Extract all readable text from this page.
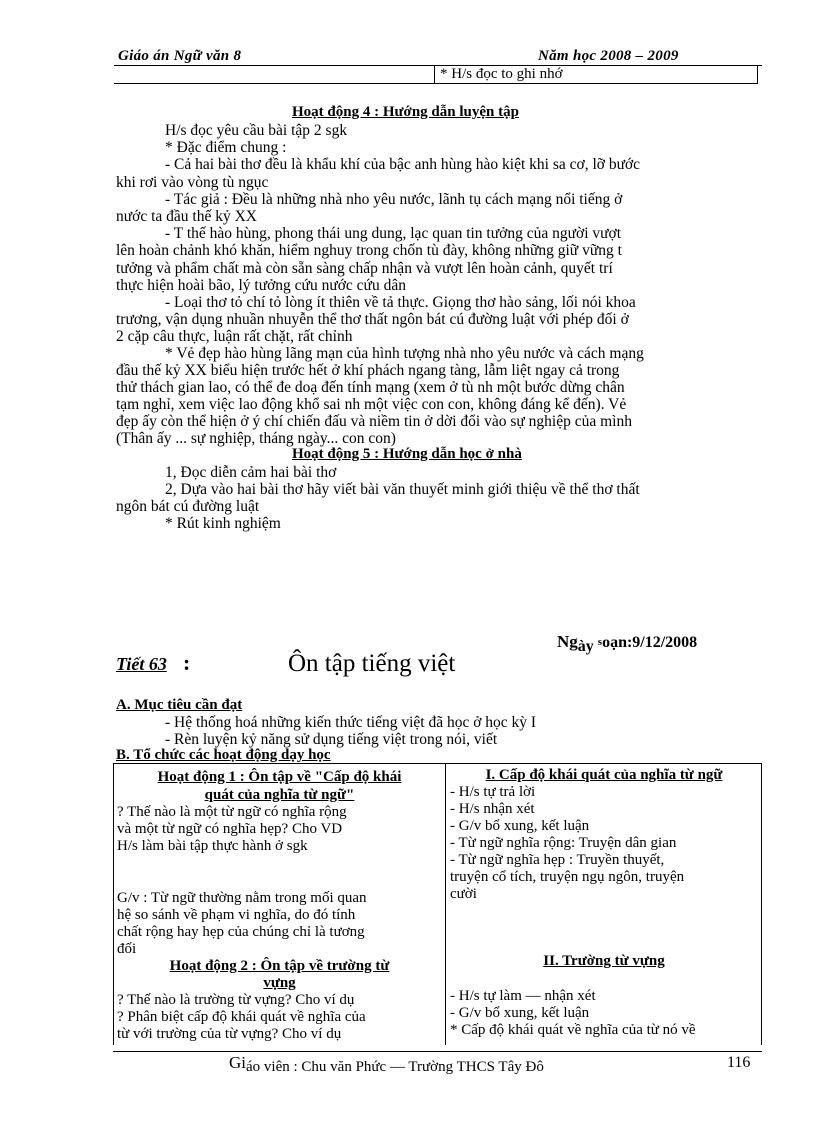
Giáo án Ngữ văn 8	Năm học 2008 – 2009
* H/s đọc to ghi nhớ
Hoạt động 4 : Hướng dẫn luyện tập
H/s đọc yêu cầu bài tập 2 sgk
* Đặc điểm chung :
- Cả hai bài thơ đều là khẩu khí của bậc anh hùng hào kiệt khi sa cơ, lỡ bước
khi rơi vào vòng tù ngục
- Tác giả : Đều là những nhà nho yêu nước, lãnh tụ cách mạng nổi tiếng ở
nước ta đầu thế kỷ XX
- T thế hào hùng, phong thái ung dung, lạc quan tin tưởng của người vượt
lên hoàn chảnh khó khăn, hiểm nghuy trong chốn tù đày, không những giữ vững t
tưởng và phẩm chất mà còn sẵn sàng chấp nhận và vượt lên hoàn cảnh, quyết trí
thực hiện hoài bão, lý tưởng cứu nước cứu dân
- Loại thơ tỏ chí tỏ lòng ít thiên về tả thực. Giọng thơ hào sảng, lối nói khoa
trương, vận dụng nhuần nhuyễn thể thơ thất ngôn bát cú đường luật với phép đối ở
2 cặp câu thực, luận rất chặt, rất chỉnh
* Vẻ đẹp hào hùng lãng mạn của hình tượng nhà nho yêu nước và cách mạng
đầu thế kỷ XX biểu hiện trước hết ở khí phách ngang tàng, lẫm liệt ngay cả trong
thử thách gian lao, có thể đe doạ đến tính mạng (xem ở tù nh một bước dừng chân
tạm nghỉ, xem việc lao động khổ sai nh một việc con con, không đáng kể đến). Vẻ
đẹp ấy còn thể hiện ở ý chí chiến đấu và niềm tin ở dời đổi vào sự nghiệp của mình
(Thân ấy ... sự nghiệp, tháng ngày... con con)
Hoạt động 5 : Hướng dẫn học ở nhà
1, Đọc diễn cảm hai bài thơ
2, Dựa vào hai bài thơ hãy viết bài văn thuyết minh giới thiệu về thể thơ thất
ngôn bát cú đường luật
* Rút kinh nghiệm
Ngày soạn:9/12/2008
Tiết 63 :	Ôn tập tiếng việt
A. Mục tiêu cần đạt
- Hệ thống hoá những kiến thức tiếng việt đã học ở học kỳ I
- Rèn luyện kỷ năng sử dụng tiếng việt trong nói, viết
B. Tổ chức các hoạt động dạy học
Hoạt động 1 : Ôn tập về "Cấp độ khái
quát của nghĩa từ ngữ"
? Thế nào là một từ ngữ có nghĩa rộng
và một từ ngữ có nghĩa hẹp? Cho VD
H/s làm bài tập thực hành ở sgk
G/v : Từ ngữ thường nằm trong mối quan
hệ so sánh về phạm vi nghĩa, do đó tính
chất rộng hay hẹp của chúng chỉ là tương
đối
Hoạt động 2 : Ôn tập về trường từ
vựng
? Thế nào là trường từ vựng? Cho ví dụ
? Phân biệt cấp độ khái quát về nghĩa của
từ với trường của từ vựng? Cho ví dụ
I. Cấp độ khái quát của nghĩa từ ngữ
- H/s tự trả lời
- H/s nhận xét
- G/v bổ xung, kết luận
- Từ ngữ nghĩa rộng: Truyện dân gian
- Từ ngữ nghĩa hẹp : Truyền thuyết,
truyện cổ tích, truyện ngụ ngôn, truyện
cười
II. Trường từ vựng
- H/s tự làm — nhận xét
- G/v bổ xung, kết luận
* Cấp độ khái quát về nghĩa của từ nó về
Giáo viên : Chu văn Phức — Trường THCS Tây Đô	116
